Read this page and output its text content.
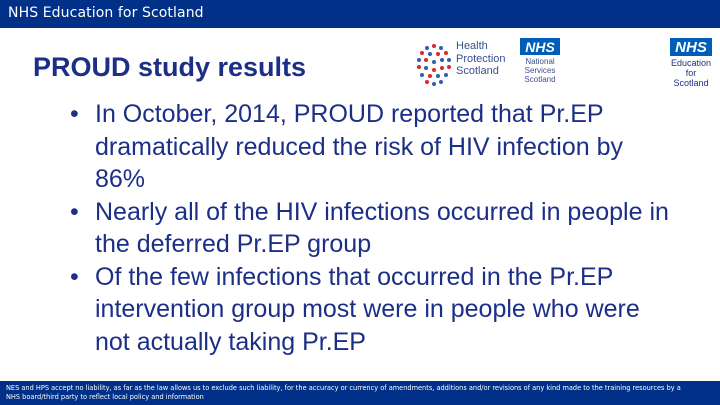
NHS Education for Scotland
PROUD study results
Health
Protection
Scotland
NHS
National
Services
Scotland
NHS
Education
for
Scotland
• In October, 2014, PROUD reported that Pr.EP dramatically reduced the risk of HIV infection by 86%
• Nearly all of the HIV infections occurred in people in the deferred Pr.EP group
• Of the few infections that occurred in the Pr.EP intervention group most were in people who were not actually taking Pr.EP
NES and HPS accept no liability, as far as the law allows us to exclude such liability, for the accuracy or currency of amendments, additions and/or revisions of any kind made to the training resources by a NHS board/third party to reflect local policy and information
